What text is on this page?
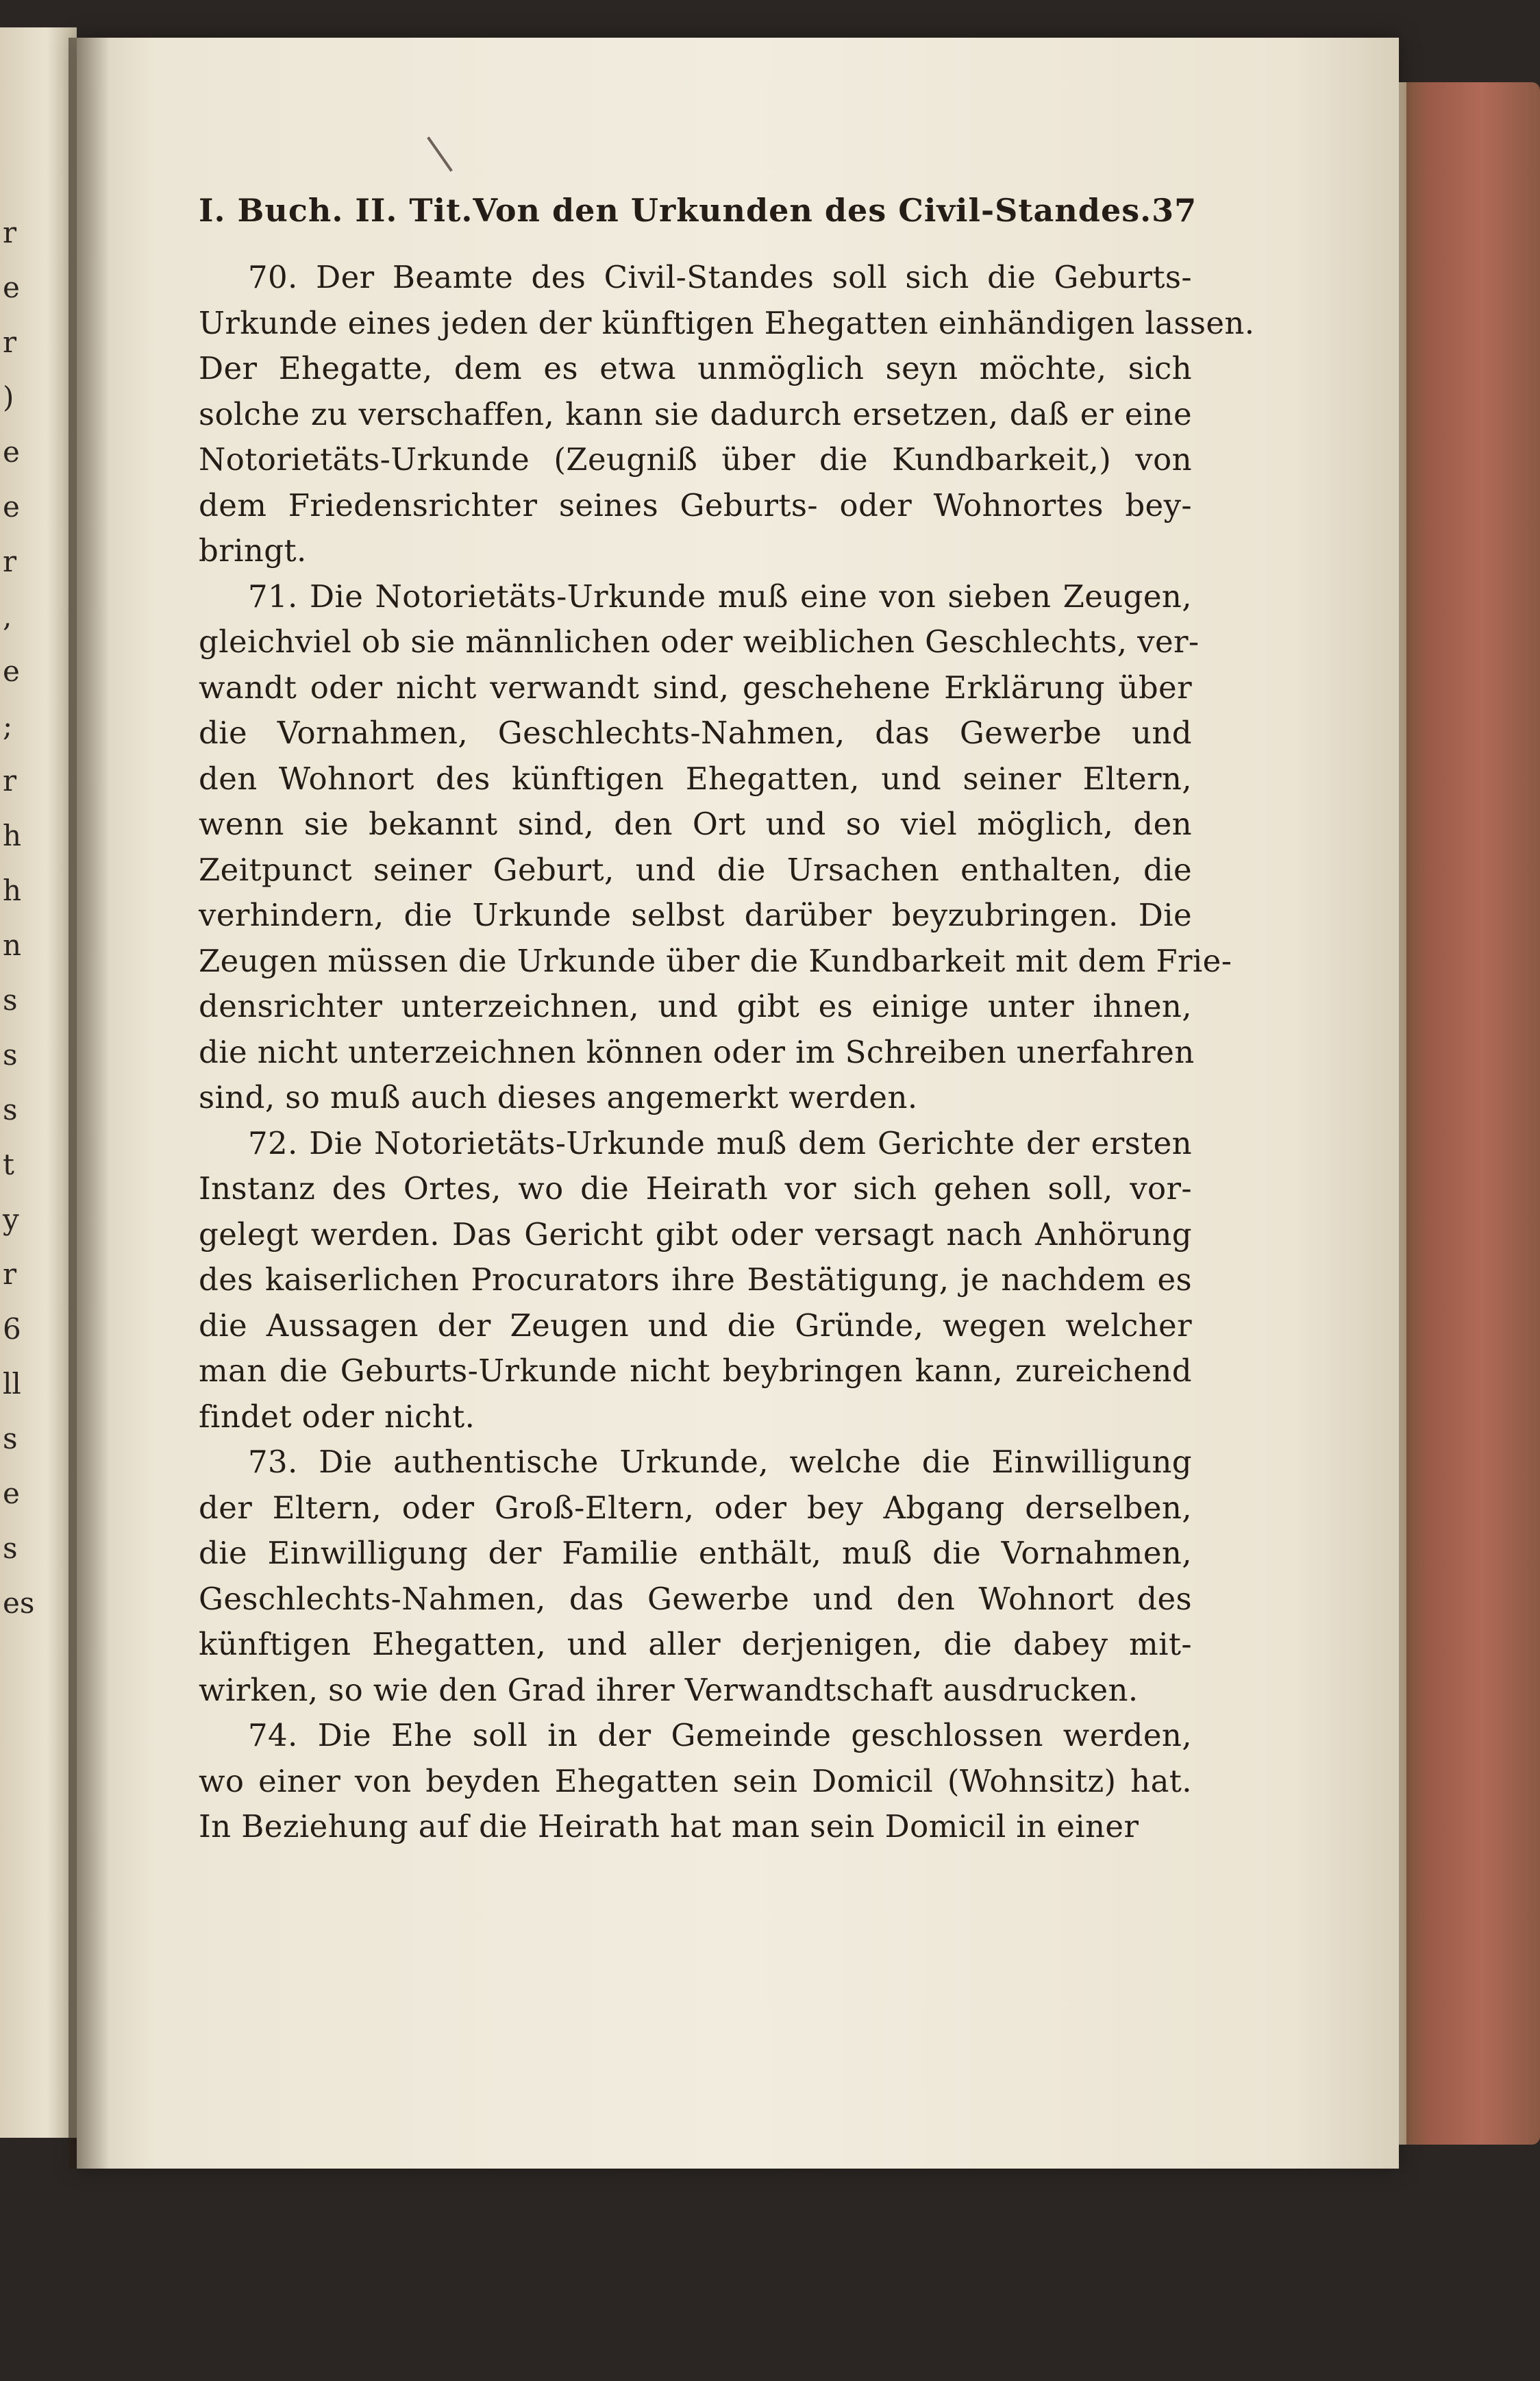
r
e
r
)
e
e
r
,
e
;
r
h
h
n
s
s
s
t
y
r
6
ll
s
e
s
es
I. Buch. II. Tit. Von den Urkunden des Civil-Standes. 37
70. Der Beamte des Civil-Standes soll sich die Geburts-
Urkunde eines jeden der künftigen Ehegatten einhändigen lassen.
Der Ehegatte, dem es etwa unmöglich seyn möchte, sich
solche zu verschaffen, kann sie dadurch ersetzen, daß er eine
Notorietäts-Urkunde (Zeugniß über die Kundbarkeit,) von
dem Friedensrichter seines Geburts- oder Wohnortes bey-
bringt.
71. Die Notorietäts-Urkunde muß eine von sieben Zeugen,
gleichviel ob sie männlichen oder weiblichen Geschlechts, ver-
wandt oder nicht verwandt sind, geschehene Erklärung über
die Vornahmen, Geschlechts-Nahmen, das Gewerbe und
den Wohnort des künftigen Ehegatten, und seiner Eltern,
wenn sie bekannt sind, den Ort und so viel möglich, den
Zeitpunct seiner Geburt, und die Ursachen enthalten, die
verhindern, die Urkunde selbst darüber beyzubringen. Die
Zeugen müssen die Urkunde über die Kundbarkeit mit dem Frie-
densrichter unterzeichnen, und gibt es einige unter ihnen,
die nicht unterzeichnen können oder im Schreiben unerfahren
sind, so muß auch dieses angemerkt werden.
72. Die Notorietäts-Urkunde muß dem Gerichte der ersten
Instanz des Ortes, wo die Heirath vor sich gehen soll, vor-
gelegt werden. Das Gericht gibt oder versagt nach Anhörung
des kaiserlichen Procurators ihre Bestätigung, je nachdem es
die Aussagen der Zeugen und die Gründe, wegen welcher
man die Geburts-Urkunde nicht beybringen kann, zureichend
findet oder nicht.
73. Die authentische Urkunde, welche die Einwilligung
der Eltern, oder Groß-Eltern, oder bey Abgang derselben,
die Einwilligung der Familie enthält, muß die Vornahmen,
Geschlechts-Nahmen, das Gewerbe und den Wohnort des
künftigen Ehegatten, und aller derjenigen, die dabey mit-
wirken, so wie den Grad ihrer Verwandtschaft ausdrucken.
74. Die Ehe soll in der Gemeinde geschlossen werden,
wo einer von beyden Ehegatten sein Domicil (Wohnsitz) hat.
In Beziehung auf die Heirath hat man sein Domicil in einer
